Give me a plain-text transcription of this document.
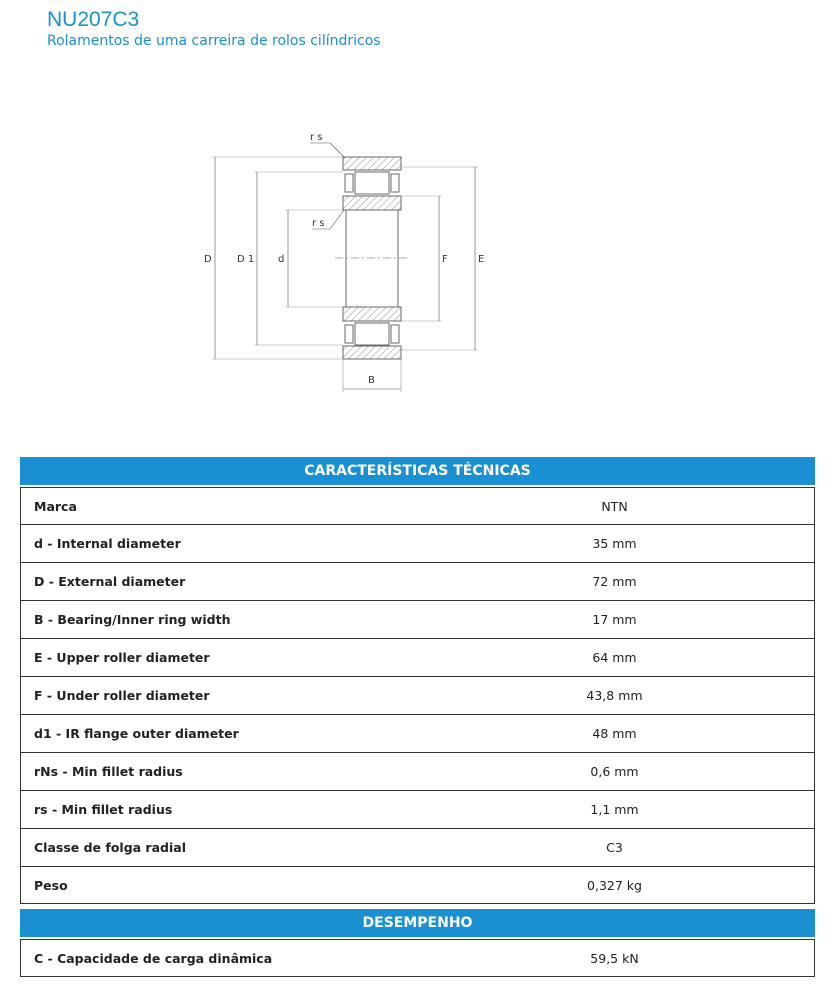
NU207C3
Rolamentos de uma carreira de rolos cilíndricos
r s
r s
D	D 1 d	F	E
B
CARACTERÍSTICAS TÉCNICAS
Marca	NTN
d - Internal diameter	35 mm
D - External diameter	72 mm
B - Bearing/Inner ring width	17 mm
E - Upper roller diameter	64 mm
F - Under roller diameter	43,8 mm
d1 - IR flange outer diameter	48 mm
rNs - Min fillet radius	0,6 mm
rs - Min fillet radius	1,1 mm
Classe de folga radial	C3
Peso	0,327 kg
DESEMPENHO
C - Capacidade de carga dinâmica	59,5 kN
